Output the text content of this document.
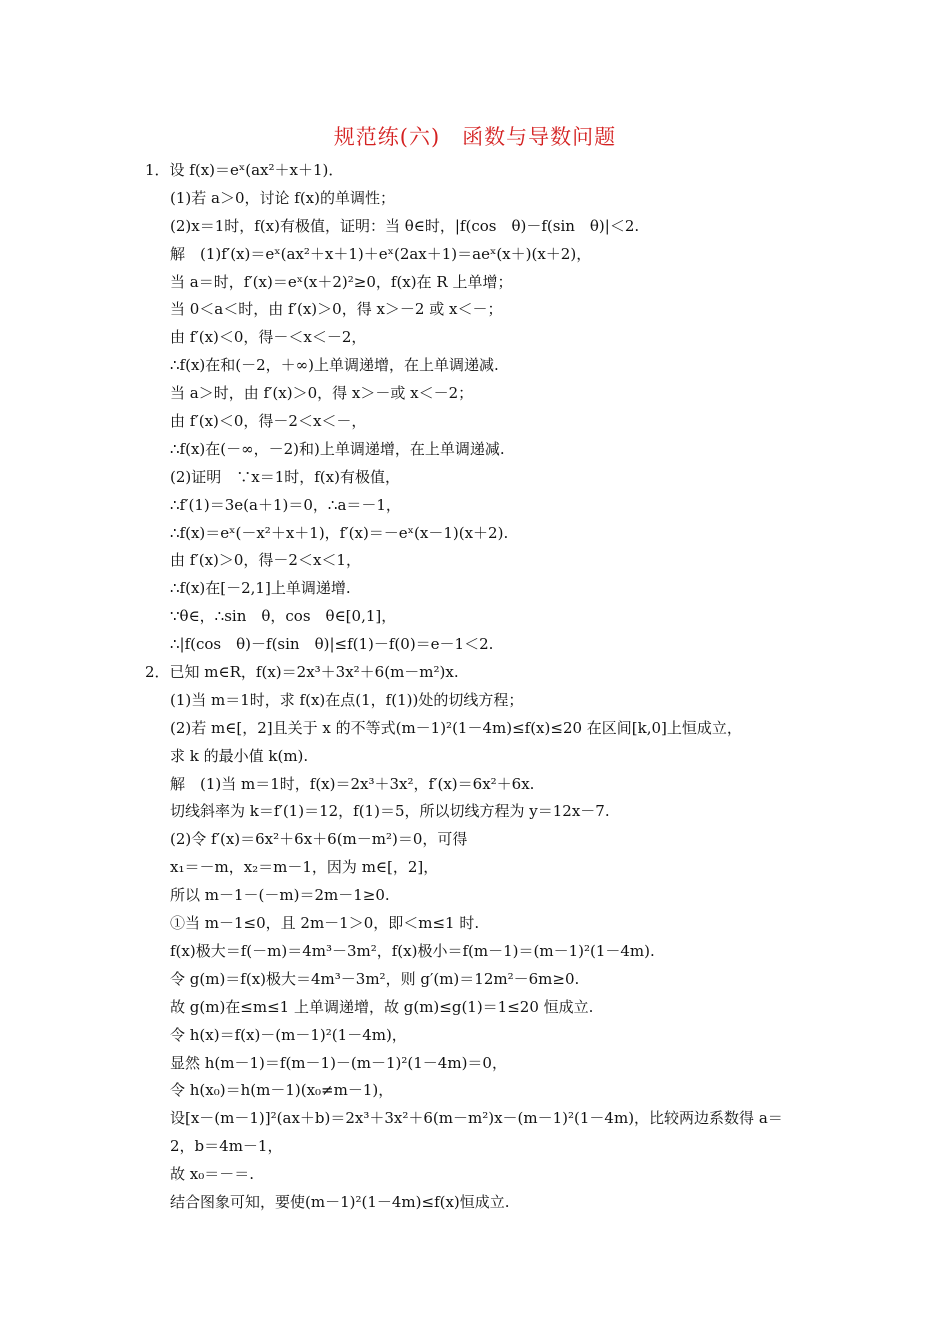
规范练(六)　函数与导数问题
1．设 f(x)＝eˣ(ax²＋x＋1)．
(1)若 a＞0，讨论 f(x)的单调性；
(2)x＝1时，f(x)有极值，证明：当 θ∈时，|f(cos　θ)－f(sin　θ)|＜2.
解　(1)f′(x)＝eˣ(ax²＋x＋1)＋eˣ(2ax＋1)＝aeˣ(x＋)(x＋2)，
当 a＝时，f′(x)＝eˣ(x＋2)²≥0，f(x)在 R 上单增；
当 0＜a＜时，由 f′(x)＞0，得 x＞－2 或 x＜－；
由 f′(x)＜0，得－＜x＜－2，
∴f(x)在和(－2，＋∞)上单调递增，在上单调递减.
当 a＞时，由 f′(x)＞0，得 x＞－或 x＜－2；
由 f′(x)＜0，得－2＜x＜－，
∴f(x)在(－∞，－2)和)上单调递增，在上单调递减.
(2)证明　∵x＝1时，f(x)有极值，
∴f′(1)＝3e(a＋1)＝0，∴a＝－1，
∴f(x)＝eˣ(－x²＋x＋1)，f′(x)＝－eˣ(x－1)(x＋2).
由 f′(x)＞0，得－2＜x＜1，
∴f(x)在[－2,1]上单调递增.
∵θ∈，∴sin　θ，cos　θ∈[0,1]，
∴|f(cos　θ)－f(sin　θ)|≤f(1)－f(0)＝e－1＜2.
2．已知 m∈R，f(x)＝2x³＋3x²＋6(m－m²)x.
(1)当 m＝1时，求 f(x)在点(1，f(1))处的切线方程；
(2)若 m∈[，2]且关于 x 的不等式(m－1)²(1－4m)≤f(x)≤20 在区间[k,0]上恒成立，
求 k 的最小值 k(m).
解　(1)当 m＝1时，f(x)＝2x³＋3x²，f′(x)＝6x²＋6x.
切线斜率为 k＝f′(1)＝12，f(1)＝5，所以切线方程为 y＝12x－7.
(2)令 f′(x)＝6x²＋6x＋6(m－m²)＝0，可得
x₁＝－m，x₂＝m－1，因为 m∈[，2]，
所以 m－1－(－m)＝2m－1≥0.
①当 m－1≤0，且 2m－1＞0，即＜m≤1 时.
f(x)极大＝f(－m)＝4m³－3m²，f(x)极小＝f(m－1)＝(m－1)²(1－4m).
令 g(m)＝f(x)极大＝4m³－3m²，则 g′(m)＝12m²－6m≥0.
故 g(m)在≤m≤1 上单调递增，故 g(m)≤g(1)＝1≤20 恒成立.
令 h(x)＝f(x)－(m－1)²(1－4m)，
显然 h(m－1)＝f(m－1)－(m－1)²(1－4m)＝0，
令 h(x₀)＝h(m－1)(x₀≠m－1)，
设[x－(m－1)]²(ax＋b)＝2x³＋3x²＋6(m－m²)x－(m－1)²(1－4m)，比较两边系数得 a＝
2，b＝4m－1，
故 x₀＝－＝.
结合图象可知，要使(m－1)²(1－4m)≤f(x)恒成立.
